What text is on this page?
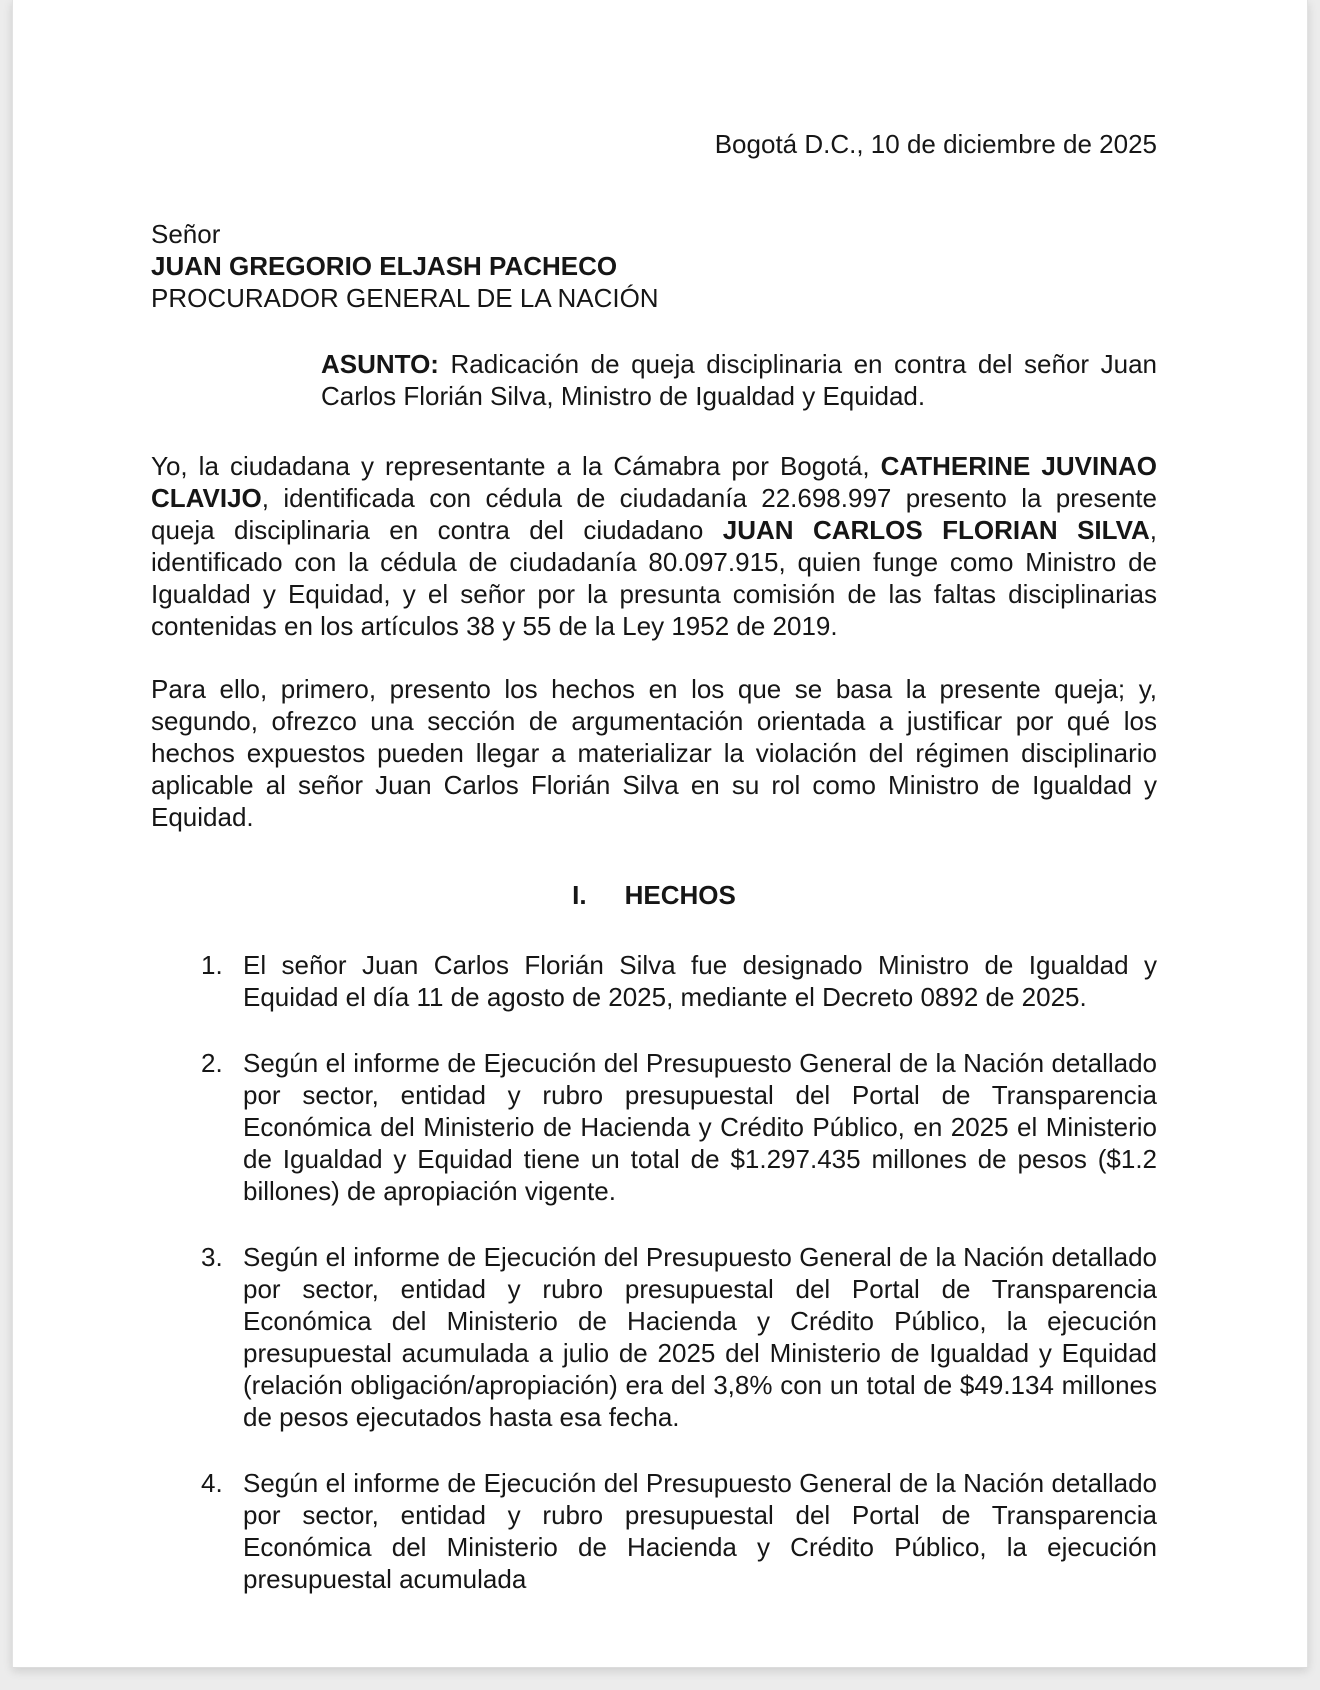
Bogotá D.C., 10 de diciembre de 2025
Señor
JUAN GREGORIO ELJASH PACHECO
PROCURADOR GENERAL DE LA NACIÓN

ASUNTO: Radicación de queja disciplinaria en contra del señor Juan Carlos Florián Silva, Ministro de Igualdad y Equidad.

Yo, la ciudadana y representante a la Cámabra por Bogotá, CATHERINE JUVINAO CLAVIJO, identificada con cédula de ciudadanía 22.698.997 presento la presente queja disciplinaria en contra del ciudadano JUAN CARLOS FLORIAN SILVA, identificado con la cédula de ciudadanía 80.097.915, quien funge como Ministro de Igualdad y Equidad, y el señor por la presunta comisión de las faltas disciplinarias contenidas en los artículos 38 y 55 de la Ley 1952 de 2019.

Para ello, primero, presento los hechos en los que se basa la presente queja; y, segundo, ofrezco una sección de argumentación orientada a justificar por qué los hechos expuestos pueden llegar a materializar la violación del régimen disciplinario aplicable al señor Juan Carlos Florián Silva en su rol como Ministro de Igualdad y Equidad.

I. HECHOS
1. El señor Juan Carlos Florián Silva fue designado Ministro de Igualdad y Equidad el día 11 de agosto de 2025, mediante el Decreto 0892 de 2025.
2. Según el informe de Ejecución del Presupuesto General de la Nación detallado por sector, entidad y rubro presupuestal del Portal de Transparencia Económica del Ministerio de Hacienda y Crédito Público, en 2025 el Ministerio de Igualdad y Equidad tiene un total de $1.297.435 millones de pesos ($1.2 billones) de apropiación vigente.
3. Según el informe de Ejecución del Presupuesto General de la Nación detallado por sector, entidad y rubro presupuestal del Portal de Transparencia Económica del Ministerio de Hacienda y Crédito Público, la ejecución presupuestal acumulada a julio de 2025 del Ministerio de Igualdad y Equidad (relación obligación/apropiación) era del 3,8% con un total de $49.134 millones de pesos ejecutados hasta esa fecha.
4. Según el informe de Ejecución del Presupuesto General de la Nación detallado por sector, entidad y rubro presupuestal del Portal de Transparencia Económica del Ministerio de Hacienda y Crédito Público, la ejecución presupuestal acumulada
